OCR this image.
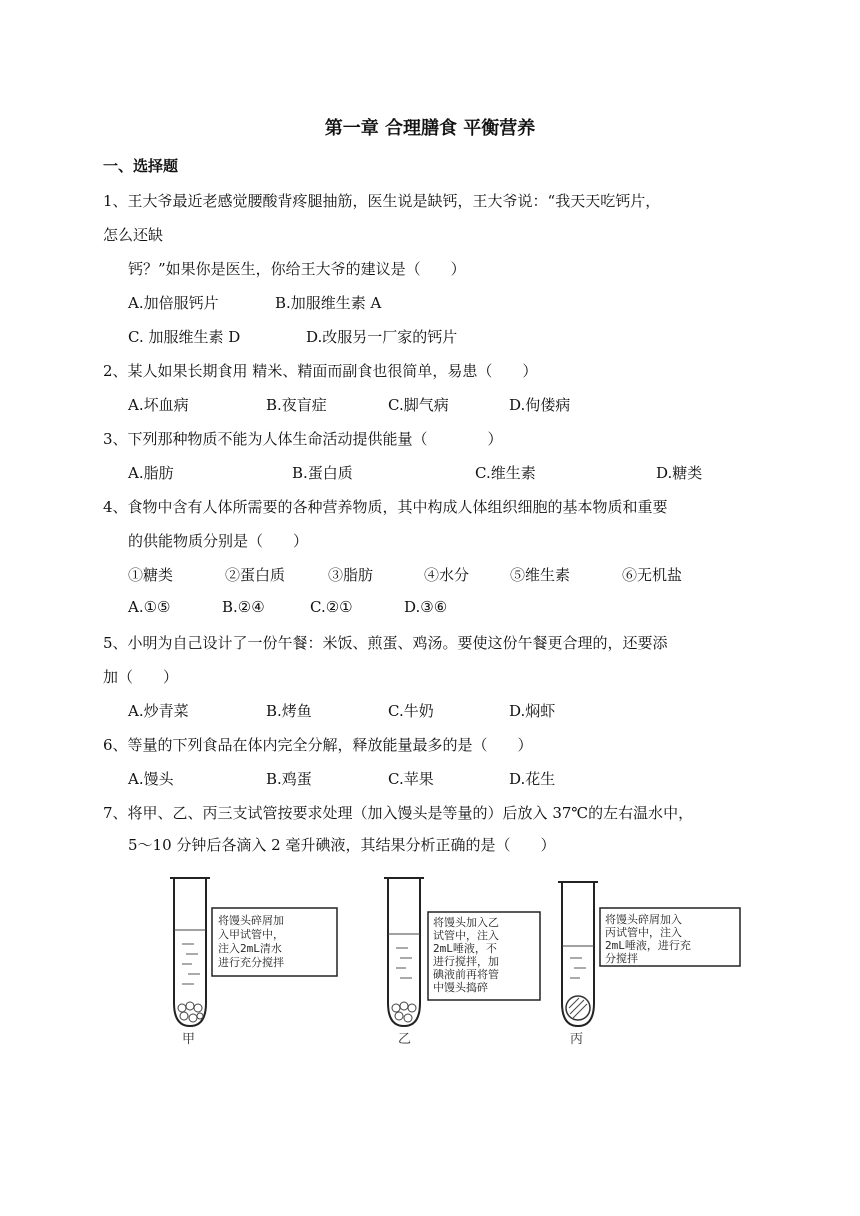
第一章 合理膳食 平衡营养
一、选择题
1、王大爷最近老感觉腰酸背疼腿抽筋，医生说是缺钙，王大爷说：“我天天吃钙片，
怎么还缺
钙？”如果你是医生，你给王大爷的建议是（　　）
A.加倍服钙片	B.加服维生素 A
C. 加服维生素 D	D.改服另一厂家的钙片
2、某人如果长期食用 精米、精面而副食也很简单，易患（　　）
A.坏血病	B.夜盲症	C.脚气病	D.佝偻病
3、下列那种物质不能为人体生命活动提供能量（　　　　）
A.脂肪	B.蛋白质	C.维生素	D.糖类
4、食物中含有人体所需要的各种营养物质，其中构成人体组织细胞的基本物质和重要
的供能物质分别是（　　）
①糖类	②蛋白质	③脂肪	④水分	⑤维生素	⑥无机盐
A.①⑤	B.②④	C.②①	D.③⑥
5、小明为自己设计了一份午餐：米饭、煎蛋、鸡汤。要使这份午餐更合理的，还要添
加（　　）
A.炒青菜	B.烤鱼	C.牛奶	D.焖虾
6、等量的下列食品在体内完全分解，释放能量最多的是（　　）
A.馒头	B.鸡蛋	C.苹果	D.花生
7、将甲、乙、丙三支试管按要求处理（加入馒头是等量的）后放入 37℃的左右温水中，
5～10 分钟后各滴入 2 毫升碘液，其结果分析正确的是（　　）
甲
将馒头碎屑加
入甲试管中，
注入2mL清水
进行充分搅拌
乙
将馒头加入乙
试管中，注入
2mL唾液，不
进行搅拌，加
碘液前再将管
中馒头捣碎
丙
将馒头碎屑加入
丙试管中，注入
2mL唾液，进行充
分搅拌
